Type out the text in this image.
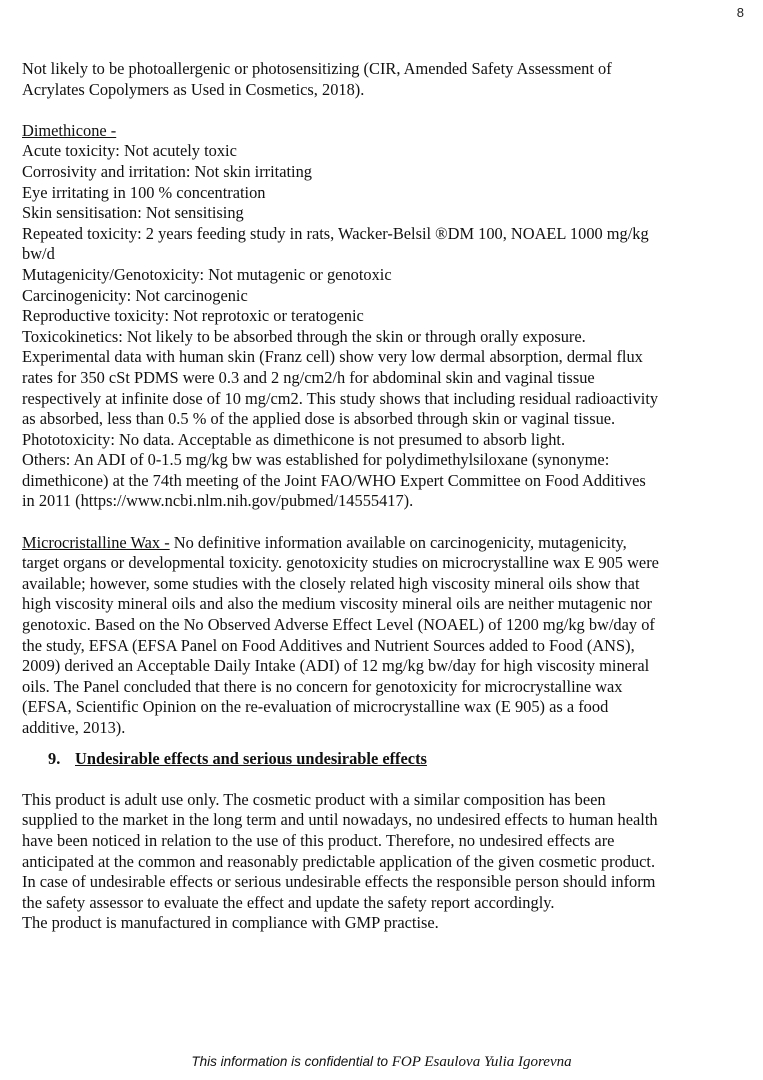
8

Not likely to be photoallergenic or photosensitizing (CIR, Amended Safety Assessment of

Acrylates Copolymers as Used in Cosmetics, 2018).

Dimethicone -

Acute toxicity: Not acutely toxic

Corrosivity and irritation: Not skin irritating

Eye irritating in 100 % concentration

Skin sensitisation: Not sensitising

Repeated toxicity: 2 years feeding study in rats, Wacker-Belsil ®DM 100, NOAEL 1000 mg/kg

bw/d

Mutagenicity/Genotoxicity: Not mutagenic or genotoxic

Carcinogenicity: Not carcinogenic

Reproductive toxicity: Not reprotoxic or teratogenic

Toxicokinetics: Not likely to be absorbed through the skin or through orally exposure.

Experimental data with human skin (Franz cell) show very low dermal absorption, dermal flux

rates for 350 cSt PDMS were 0.3 and 2 ng/cm2/h for abdominal skin and vaginal tissue

respectively at infinite dose of 10 mg/cm2. This study shows that including residual radioactivity

as absorbed, less than 0.5 % of the applied dose is absorbed through skin or vaginal tissue.

Phototoxicity: No data. Acceptable as dimethicone is not presumed to absorb light.

Others: An ADI of 0-1.5 mg/kg bw was established for polydimethylsiloxane (synonyme:

dimethicone) at the 74th meeting of the Joint FAO/WHO Expert Committee on Food Additives

in 2011 (https://www.ncbi.nlm.nih.gov/pubmed/14555417).

Microcristalline Wax - No definitive information available on carcinogenicity, mutagenicity,

target organs or developmental toxicity. genotoxicity studies on microcrystalline wax E 905 were

available; however, some studies with the closely related high viscosity mineral oils show that

high viscosity mineral oils and also the medium viscosity mineral oils are neither mutagenic nor

genotoxic. Based on the No Observed Adverse Effect Level (NOAEL) of 1200 mg/kg bw/day of

the study, EFSA (EFSA Panel on Food Additives and Nutrient Sources added to Food (ANS),

2009) derived an Acceptable Daily Intake (ADI) of 12 mg/kg bw/day for high viscosity mineral

oils. The Panel concluded that there is no concern for genotoxicity for microcrystalline wax

(EFSA, Scientific Opinion on the re-evaluation of microcrystalline wax (E 905) as a food

additive, 2013).

9. Undesirable effects and serious undesirable effects

This product is adult use only. The cosmetic product with a similar composition has been

supplied to the market in the long term and until nowadays, no undesired effects to human health

have been noticed in relation to the use of this product. Therefore, no undesired effects are

anticipated at the common and reasonably predictable application of the given cosmetic product.

In case of undesirable effects or serious undesirable effects the responsible person should inform

the safety assessor to evaluate the effect and update the safety report accordingly.

The product is manufactured in compliance with GMP practise.

This information is confidential to FOP Esaulova Yulia Igorevna
